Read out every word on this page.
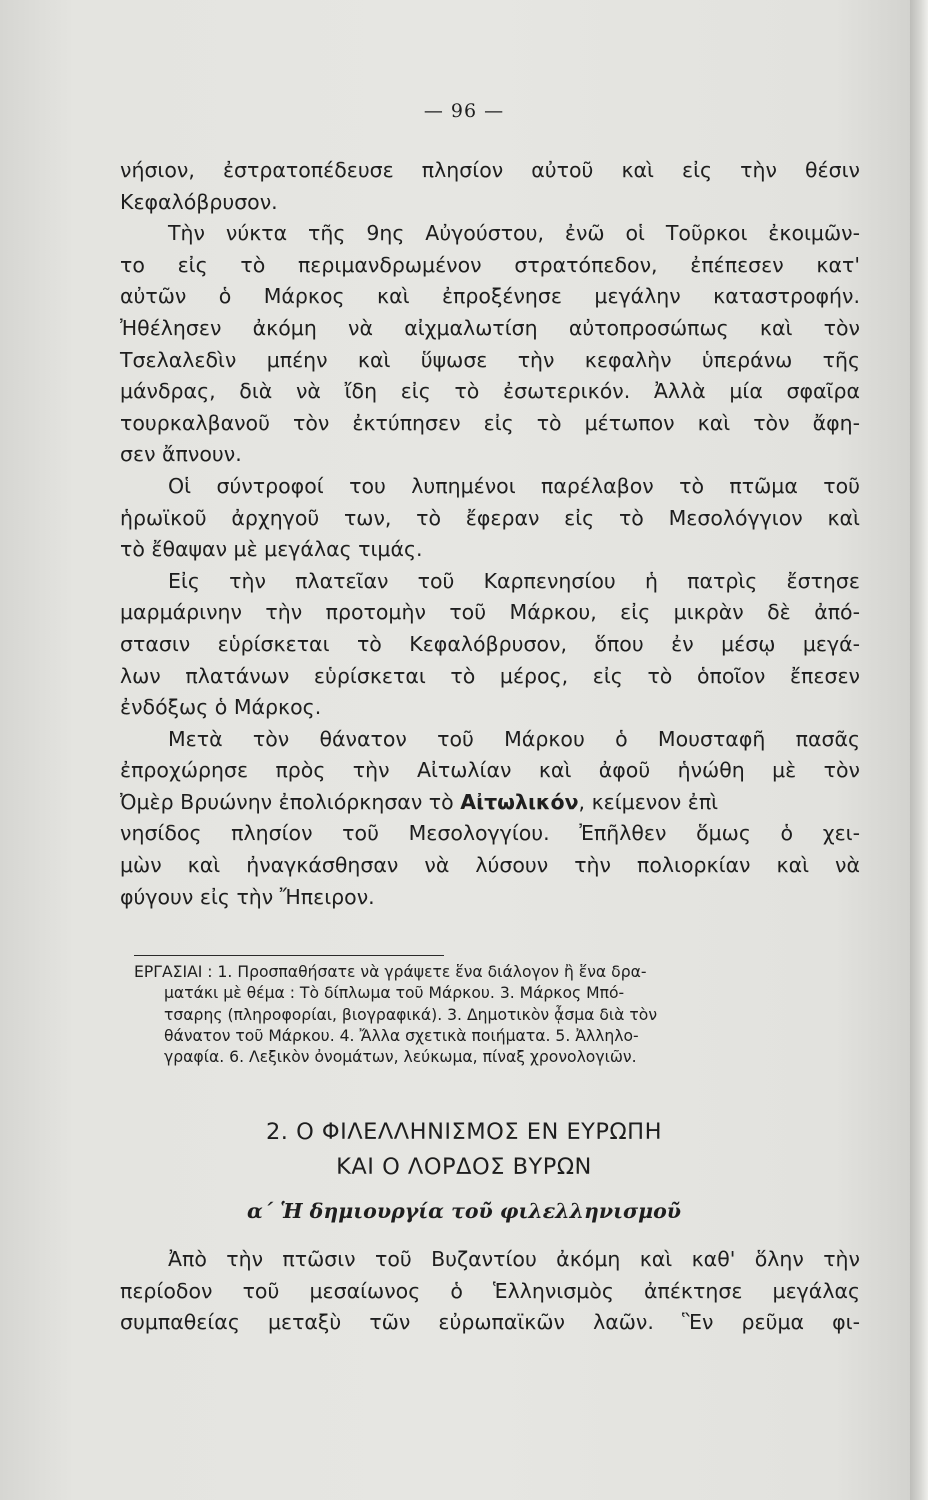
— 96 —
νήσιον, ἐστρατοπέδευσε πλησίον αὐτοῦ καὶ εἰς τὴν θέσιν
Κεφαλόβρυσον.
Τὴν νύκτα τῆς 9ης Αὐγούστου, ἐνῶ οἱ Τοῦρκοι ἐκοιμῶν-
το εἰς τὸ περιμανδρωμένον στρατόπεδον, ἐπέπεσεν κατ'
αὐτῶν ὁ Μάρκος καὶ ἐπροξένησε μεγάλην καταστροφήν.
Ἠθέλησεν ἀκόμη νὰ αἰχμαλωτίση αὐτοπροσώπως καὶ τὸν
Τσελαλεδὶν μπέην καὶ ὕψωσε τὴν κεφαλὴν ὑπεράνω τῆς
μάνδρας, διὰ νὰ ἴδη εἰς τὸ ἐσωτερικόν. Ἀλλὰ μία σφαῖρα
τουρκαλβανοῦ τὸν ἐκτύπησεν εἰς τὸ μέτωπον καὶ τὸν ἄφη-
σεν ἄπνουν.
Οἱ σύντροφοί του λυπημένοι παρέλαβον τὸ πτῶμα τοῦ
ἡρωϊκοῦ ἀρχηγοῦ των, τὸ ἔφεραν εἰς τὸ Μεσολόγγιον καὶ
τὸ ἔθαψαν μὲ μεγάλας τιμάς.
Εἰς τὴν πλατεῖαν τοῦ Καρπενησίου ἡ πατρὶς ἔστησε
μαρμάρινην τὴν προτομὴν τοῦ Μάρκου, εἰς μικρὰν δὲ ἀπό-
στασιν εὑρίσκεται τὸ Κεφαλόβρυσον, ὅπου ἐν μέσῳ μεγά-
λων πλατάνων εὑρίσκεται τὸ μέρος, εἰς τὸ ὁποῖον ἔπεσεν
ἐνδόξως ὁ Μάρκος.
Μετὰ τὸν θάνατον τοῦ Μάρκου ὁ Μουσταφῆ πασᾶς
ἐπροχώρησε πρὸς τὴν Αἰτωλίαν καὶ ἀφοῦ ἡνώθη μὲ τὸν
Ὀμὲρ Βρυώνην ἐπολιόρκησαν τὸ Αἰτωλικόν, κείμενον ἐπὶ
νησίδος πλησίον τοῦ Μεσολογγίου. Ἐπῆλθεν ὅμως ὁ χει-
μὼν καὶ ἠναγκάσθησαν νὰ λύσουν τὴν πολιορκίαν καὶ νὰ
φύγουν εἰς τὴν Ἤπειρον.
ΕΡΓΑΣΙΑΙ : 1. Προσπαθήσατε νὰ γράψετε ἕνα διάλογον ἢ ἕνα δρα-
ματάκι μὲ θέμα : Τὸ δίπλωμα τοῦ Μάρκου. 3. Μάρκος Μπό-
τσαρης (πληροφορίαι, βιογραφικά). 3. Δημοτικὸν ᾆσμα διὰ τὸν
θάνατον τοῦ Μάρκου. 4. Ἄλλα σχετικὰ ποιήματα. 5. Ἀλληλο-
γραφία. 6. Λεξικὸν ὀνομάτων, λεύκωμα, πίναξ χρονολογιῶν.
2. Ο ΦΙΛΕΛΛΗΝΙΣΜΟΣ ΕΝ ΕΥΡΩΠΗ
ΚΑΙ Ο ΛΟΡΔΟΣ ΒΥΡΩΝ
α΄ Ἡ δημιουργία τοῦ φιλελληνισμοῦ
Ἀπὸ τὴν πτῶσιν τοῦ Βυζαντίου ἀκόμη καὶ καθ' ὅλην τὴν
περίοδον τοῦ μεσαίωνος ὁ Ἑλληνισμὸς ἀπέκτησε μεγάλας
συμπαθείας μεταξὺ τῶν εὐρωπαϊκῶν λαῶν. Ἓν ρεῦμα φι-
